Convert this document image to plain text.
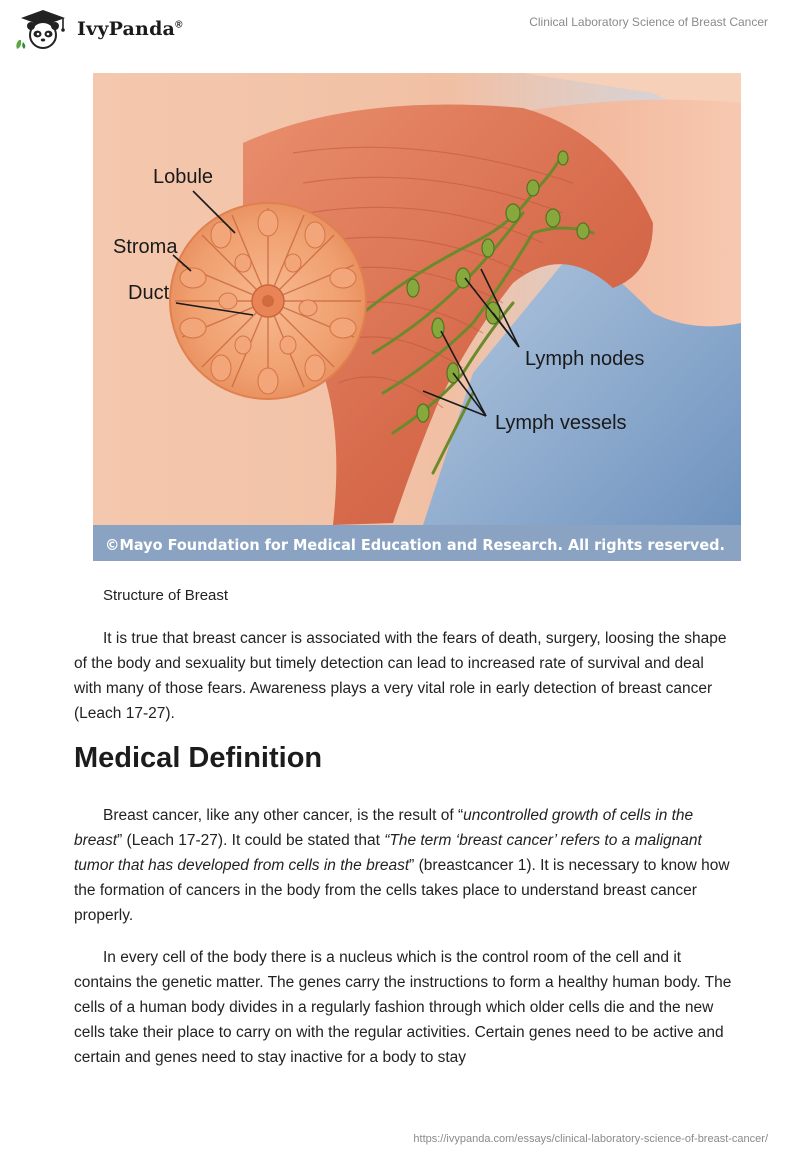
IvyPanda®	Clinical Laboratory Science of Breast Cancer
Lobule
Stroma
Duct
Lymph nodes
Lymph vessels
©Mayo Foundation for Medical Education and Research. All rights reserved.
Structure of Breast

It is true that breast cancer is associated with the fears of death, surgery, loosing the shape of the body and sexuality but timely detection can lead to increased rate of survival and deal with many of those fears. Awareness plays a very vital role in early detection of breast cancer (Leach 17-27).

Medical Definition

Breast cancer, like any other cancer, is the result of “uncontrolled growth of cells in the breast” (Leach 17-27). It could be stated that “The term ‘breast cancer’ refers to a malignant tumor that has developed from cells in the breast” (breastcancer 1). It is necessary to know how the formation of cancers in the body from the cells takes place to understand breast cancer properly.

In every cell of the body there is a nucleus which is the control room of the cell and it contains the genetic matter. The genes carry the instructions to form a healthy human body. The cells of a human body divides in a regularly fashion through which older cells die and the new cells take their place to carry on with the regular activities. Certain genes need to be active and certain and genes need to stay inactive for a body to stay

https://ivypanda.com/essays/clinical-laboratory-science-of-breast-cancer/
